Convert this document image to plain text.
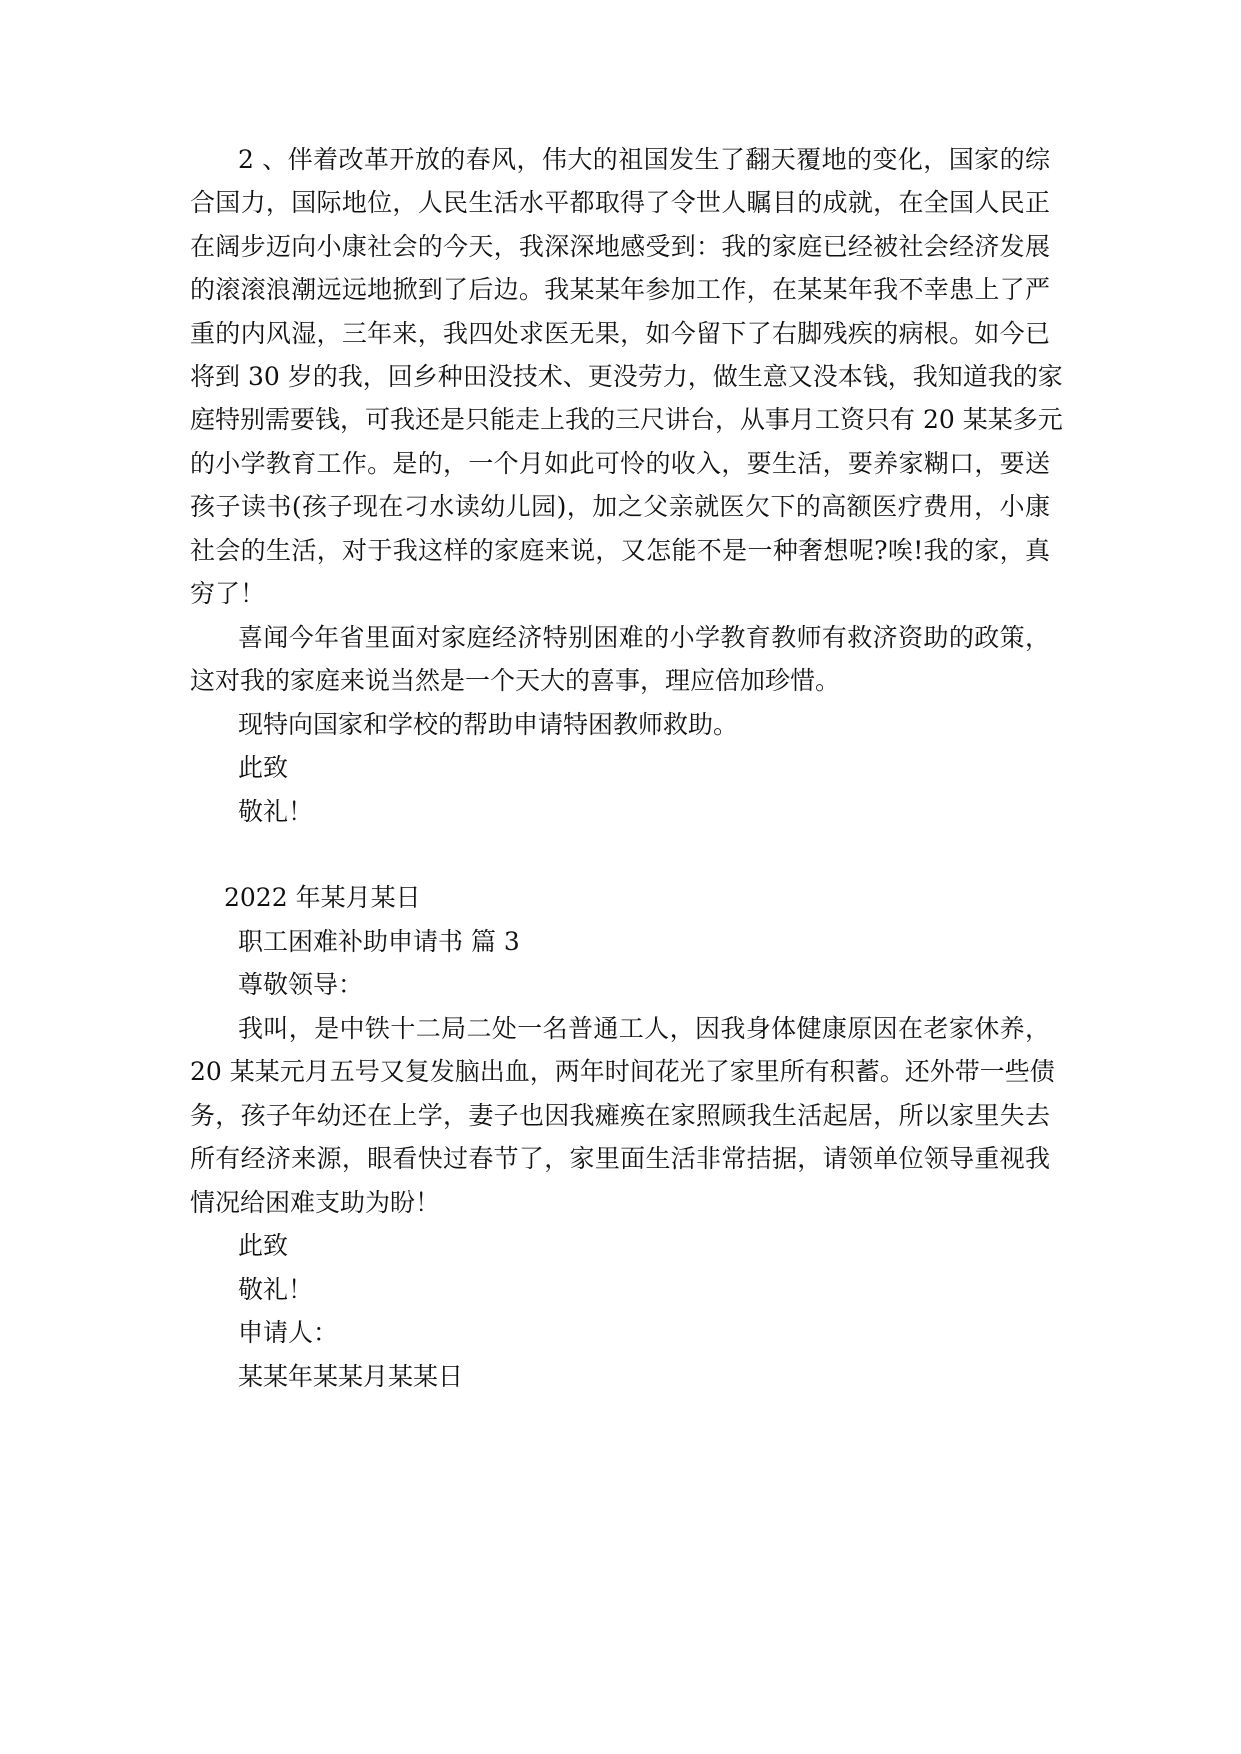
2 、伴着改革开放的春风，伟大的祖国发生了翻天覆地的变化，国家的综
合国力，国际地位，人民生活水平都取得了令世人瞩目的成就，在全国人民正
在阔步迈向小康社会的今天，我深深地感受到：我的家庭已经被社会经济发展
的滚滚浪潮远远地掀到了后边。我某某年参加工作，在某某年我不幸患上了严
重的内风湿，三年来，我四处求医无果，如今留下了右脚残疾的病根。如今已
将到 30 岁的我，回乡种田没技术、更没劳力，做生意又没本钱，我知道我的家
庭特别需要钱，可我还是只能走上我的三尺讲台，从事月工资只有 20 某某多元
的小学教育工作。是的，一个月如此可怜的收入，要生活，要养家糊口，要送
孩子读书(孩子现在刁水读幼儿园)，加之父亲就医欠下的高额医疗费用，小康
社会的生活，对于我这样的家庭来说，又怎能不是一种奢想呢?唉!我的家，真
穷了！
喜闻今年省里面对家庭经济特别困难的小学教育教师有救济资助的政策，
这对我的家庭来说当然是一个天大的喜事，理应倍加珍惜。
现特向国家和学校的帮助申请特困教师救助。
此致
敬礼！
2022 年某月某日
职工困难补助申请书 篇 3
尊敬领导：
我叫，是中铁十二局二处一名普通工人，因我身体健康原因在老家休养，
20 某某元月五号又复发脑出血，两年时间花光了家里所有积蓄。还外带一些债
务，孩子年幼还在上学，妻子也因我瘫痪在家照顾我生活起居，所以家里失去
所有经济来源，眼看快过春节了，家里面生活非常拮据，请领单位领导重视我
情况给困难支助为盼！
此致
敬礼！
申请人：
某某年某某月某某日
